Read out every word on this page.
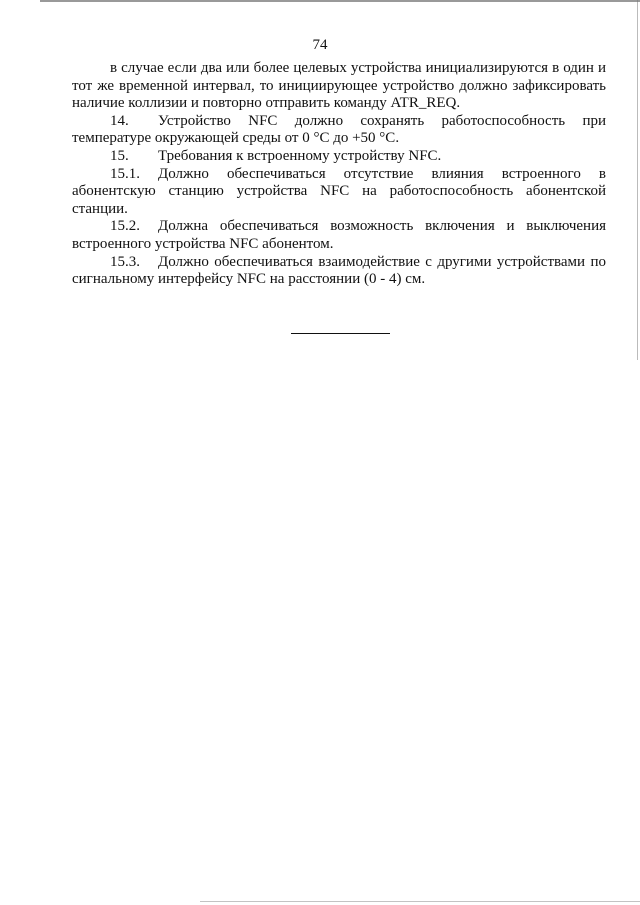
74

в случае если два или более целевых устройства инициализируются в один и тот же временной интервал, то инициирующее устройство должно зафиксировать наличие коллизии и повторно отправить команду ATR_REQ.

14. Устройство NFC должно сохранять работоспособность при температуре окружающей среды от 0 °C до +50 °C.

15. Требования к встроенному устройству NFC.

15.1. Должно обеспечиваться отсутствие влияния встроенного в абонентскую станцию устройства NFC на работоспособность абонентской станции.

15.2. Должна обеспечиваться возможность включения и выключения встроенного устройства NFC абонентом.

15.3. Должно обеспечиваться взаимодействие с другими устройствами по сигнальному интерфейсу NFC на расстоянии (0 - 4) см.
